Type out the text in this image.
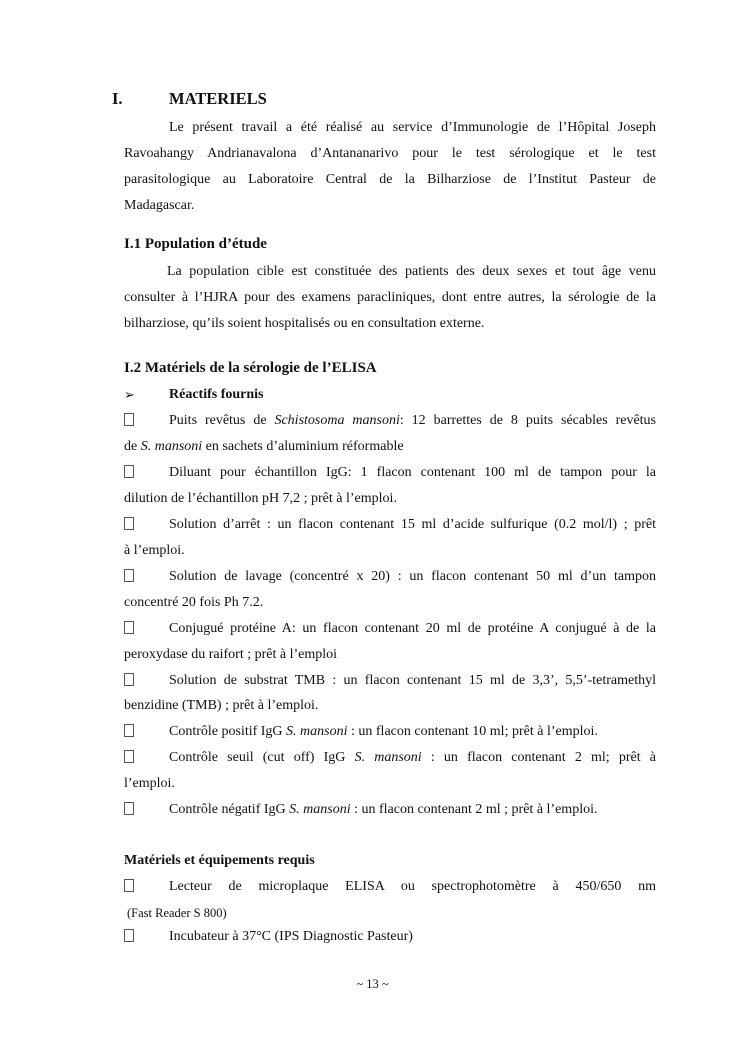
I.	MATERIELS
Le présent travail a été réalisé au service d’Immunologie de l’Hôpital Joseph
Ravoahangy Andrianavalona d’Antananarivo pour le test sérologique et le test
parasitologique au Laboratoire Central de la Bilharziose de l’Institut Pasteur de
Madagascar.
I.1 Population d’étude
La population cible est constituée des patients des deux sexes et tout âge venu
consulter à l’HJRA pour des examens paracliniques, dont entre autres, la sérologie de la
bilharziose, qu’ils soient hospitalisés ou en consultation externe.
I.2 Matériels de la sérologie de l’ELISA
➢ Réactifs fournis
Puits revêtus de Schistosoma mansoni: 12 barrettes de 8 puits sécables revêtus
de S. mansoni en sachets d’aluminium réformable
Diluant pour échantillon IgG: 1 flacon contenant 100 ml de tampon pour la
dilution de l’échantillon pH 7,2 ; prêt à l’emploi.
Solution d’arrêt : un flacon contenant 15 ml d’acide sulfurique (0.2 mol/l) ; prêt
à l’emploi.
Solution de lavage (concentré x 20) : un flacon contenant 50 ml d’un tampon
concentré 20 fois Ph 7.2.
Conjugué protéine A: un flacon contenant 20 ml de protéine A conjugué à de la
peroxydase du raifort ; prêt à l’emploi
Solution de substrat TMB : un flacon contenant 15 ml de 3,3’, 5,5’-tetramethyl
benzidine (TMB) ; prêt à l’emploi.
Contrôle positif IgG S. mansoni : un flacon contenant 10 ml; prêt à l’emploi.
Contrôle seuil (cut off) IgG S. mansoni : un flacon contenant 2 ml; prêt à
l’emploi.
Contrôle négatif IgG S. mansoni : un flacon contenant 2 ml ; prêt à l’emploi.
Matériels et équipements requis
Lecteur de microplaque ELISA ou spectrophotomètre à 450/650 nm
(Fast Reader S 800)
Incubateur à 37°C (IPS Diagnostic Pasteur)
~ 13 ~
